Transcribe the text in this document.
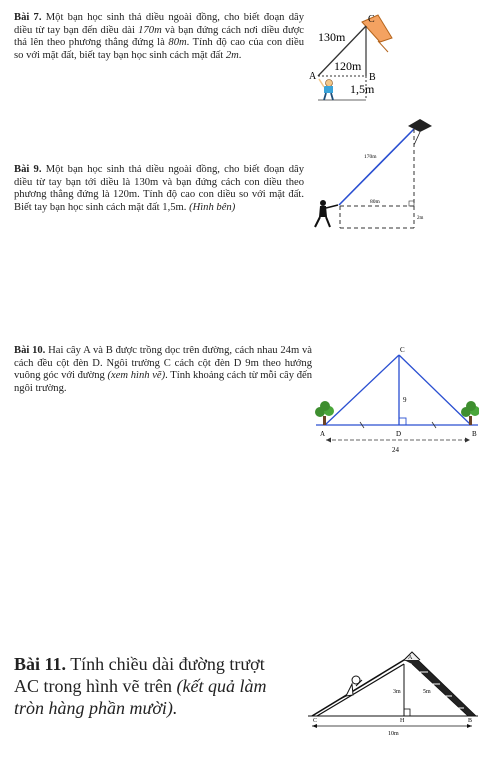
Bài 7. Một bạn học sinh thả diều ngoài đồng, cho biết đoạn dây diều từ tay bạn đến diều dài 170m và bạn đứng cách nơi diều được thả lên theo phương thẳng đứng là 80m. Tính độ cao của con diều so với mặt đất, biết tay bạn học sinh cách mặt đất 2m.
C
A	B
130m
120m
1,5m
Bài 9. Một bạn học sinh thả diều ngoài đồng, cho biết đoạn dây diều từ tay bạn tới diều là 130m và bạn đứng cách con diều theo phương thẳng đứng là 120m. Tính độ cao con diều so với mặt đất. Biết tay bạn học sinh cách mặt đất 1,5m. (Hình bên)
170m
80m
2m
Bài 10. Hai cây A và B được trồng dọc trên đường, cách nhau 24m và cách đều cột đèn D. Ngôi trường C cách cột đèn D 9m theo hướng vuông góc với đường (xem hình vẽ). Tính khoảng cách từ mỗi cây đến ngôi trường.
C
A	D	B
9
24
Bài 11. Tính chiều dài đường trượt AC trong hình vẽ trên (kết quả làm tròn hàng phần mười).
A
C	H	B
3m	5m
10m
